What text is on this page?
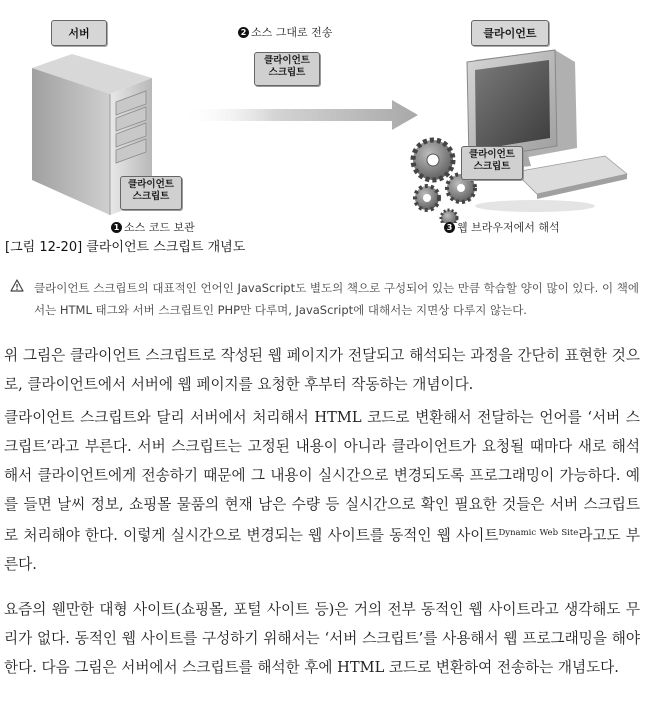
서버	클라이언트
클라이언트
스크립트
1 소스 코드 보관
2 소스 그대로 전송
클라이언트
스크립트
클라이언트
스크립트
3 웹 브라우저에서 해석
[그림 12-20] 클라이언트 스크립트 개념도
클라이언트 스크립트의 대표적인 언어인 JavaScript도 별도의 책으로 구성되어 있는 만큼 학습할 양이 많이 있다. 이 책에서는 HTML 태그와 서버 스크립트인 PHP만 다루며, JavaScript에 대해서는 지면상 다루지 않는다.
위 그림은 클라이언트 스크립트로 작성된 웹 페이지가 전달되고 해석되는 과정을 간단히 표현한 것으로, 클라이언트에서 서버에 웹 페이지를 요청한 후부터 작동하는 개념이다.
클라이언트 스크립트와 달리 서버에서 처리해서 HTML 코드로 변환해서 전달하는 언어를 ‘서버 스크립트’라고 부른다. 서버 스크립트는 고정된 내용이 아니라 클라이언트가 요청될 때마다 새로 해석해서 클라이언트에게 전송하기 때문에 그 내용이 실시간으로 변경되도록 프로그래밍이 가능하다. 예를 들면 날씨 정보, 쇼핑몰 물품의 현재 남은 수량 등 실시간으로 확인 필요한 것들은 서버 스크립트로 처리해야 한다. 이렇게 실시간으로 변경되는 웹 사이트를 동적인 웹 사이트$^{Dynamic Web Site}$라고도 부른다.
요즘의 웬만한 대형 사이트(쇼핑몰, 포털 사이트 등)은 거의 전부 동적인 웹 사이트라고 생각해도 무리가 없다. 동적인 웹 사이트를 구성하기 위해서는 ‘서버 스크립트’를 사용해서 웹 프로그래밍을 해야 한다. 다음 그림은 서버에서 스크립트를 해석한 후에 HTML 코드로 변환하여 전송하는 개념도다.
